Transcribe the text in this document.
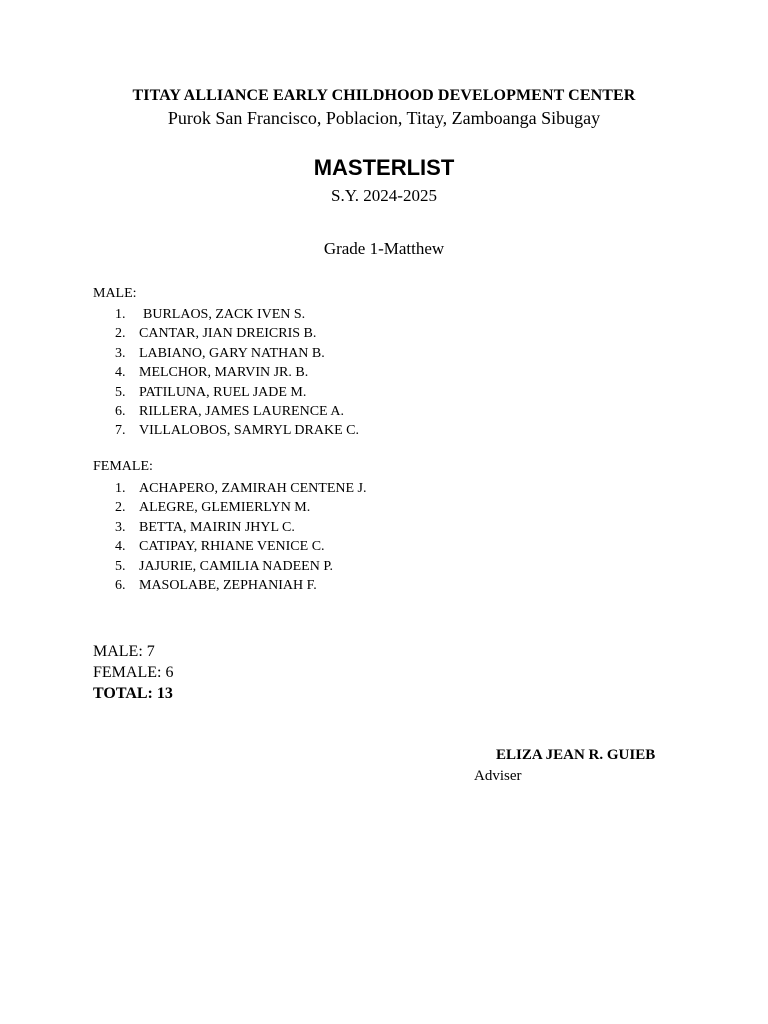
TITAY ALLIANCE EARLY CHILDHOOD DEVELOPMENT CENTER
Purok San Francisco, Poblacion, Titay, Zamboanga Sibugay
MASTERLIST
S.Y. 2024-2025
Grade 1-Matthew
MALE:
1. BURLAOS, ZACK IVEN S.
2. CANTAR, JIAN DREICRIS B.
3. LABIANO, GARY NATHAN B.
4. MELCHOR, MARVIN JR. B.
5. PATILUNA, RUEL JADE M.
6. RILLERA, JAMES LAURENCE A.
7. VILLALOBOS, SAMRYL DRAKE C.
FEMALE:
1. ACHAPERO, ZAMIRAH CENTENE J.
2. ALEGRE, GLEMIERLYN M.
3. BETTA, MAIRIN JHYL C.
4. CATIPAY, RHIANE VENICE C.
5. JAJURIE, CAMILIA NADEEN P.
6. MASOLABE, ZEPHANIAH F.
MALE: 7
FEMALE: 6
TOTAL: 13
ELIZA JEAN R. GUIEB
Adviser
